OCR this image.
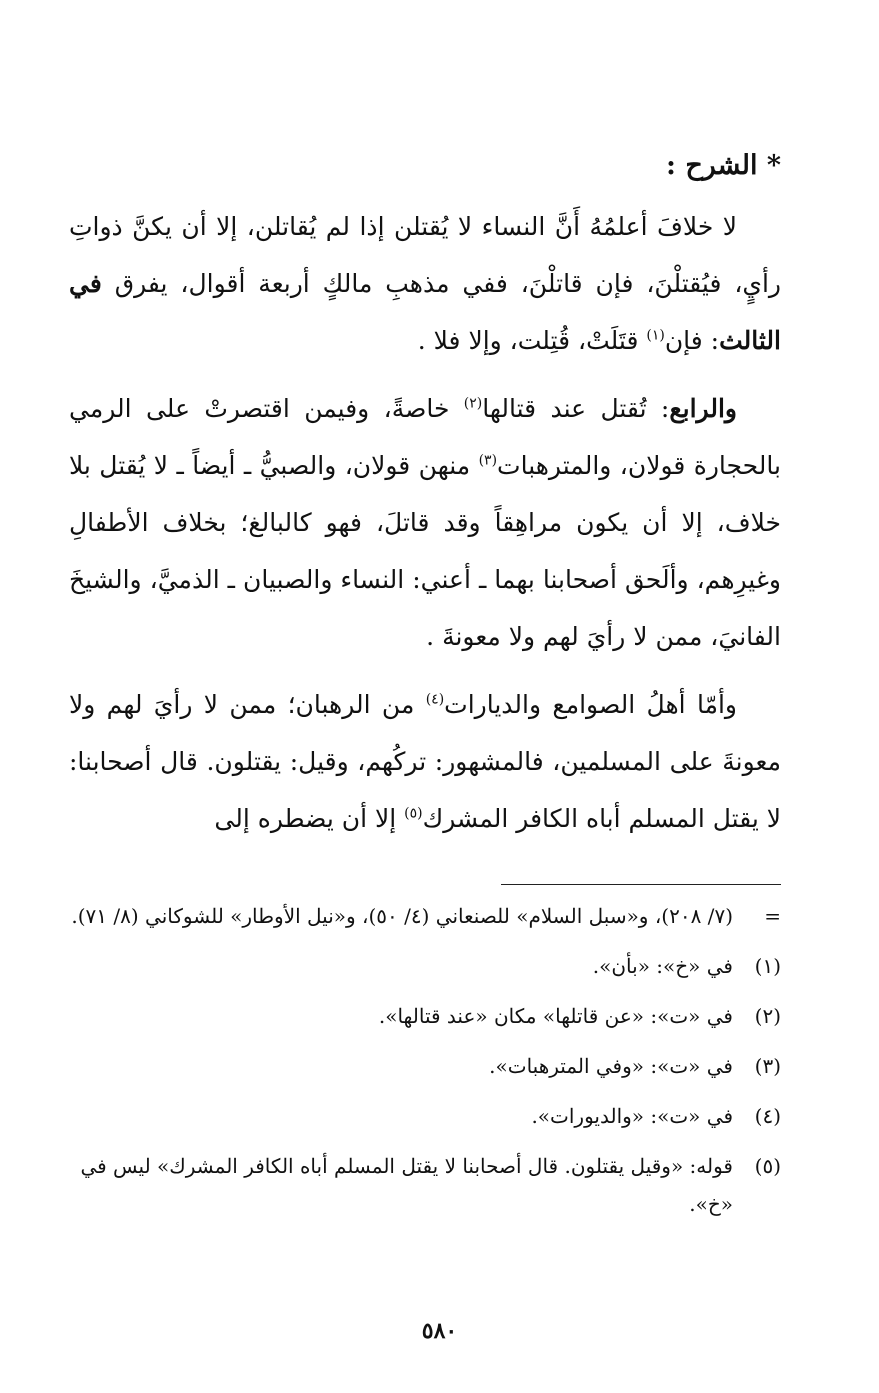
* الشرح :

لا خلافَ أعلمُهُ أَنَّ النساء لا يُقتلن إذا لم يُقاتلن، إلا أن يكنَّ ذواتِ رأيٍ، فيُقتلْنَ، فإن قاتلْنَ، ففي مذهبِ مالكٍ أربعة أقوال، يفرق في الثالث: فإن$^{(١)}$ قتَلَتْ، قُتِلت، وإلا فلا .

والرابع: تُقتل عند قتالها$^{(٢)}$ خاصةً، وفيمن اقتصرتْ على الرمي بالحجارة قولان، والمترهبات$^{(٣)}$ منهن قولان، والصبيُّ ـ أيضاً ـ لا يُقتل بلا خلاف، إلا أن يكون مراهِقاً وقد قاتلَ، فهو كالبالغ؛ بخلاف الأطفالِ وغيرِهم، وألَحق أصحابنا بهما ـ أعني: النساء والصبيان ـ الذميَّ، والشيخَ الفانيَ، ممن لا رأيَ لهم ولا معونةَ .

وأمّا أهلُ الصوامع والديارات$^{(٤)}$ من الرهبان؛ ممن لا رأيَ لهم ولا معونةَ على المسلمين، فالمشهور: تركُهم، وقيل: يقتلون. قال أصحابنا: لا يقتل المسلم أباه الكافر المشرك$^{(٥)}$ إلا أن يضطره إلى

=
(٧/ ٢٠٨)، و«سبل السلام» للصنعاني (٤/ ٥٠)، و«نيل الأوطار» للشوكاني (٨/ ٧١).
(١)
في «خ»: «بأن».
(٢)
في «ت»: «عن قاتلها» مكان «عند قتالها».
(٣)
في «ت»: «وفي المترهبات».
(٤)
في «ت»: «والديورات».
(٥)
قوله: «وقيل يقتلون. قال أصحابنا لا يقتل المسلم أباه الكافر المشرك» ليس في «خ».
٥٨٠
